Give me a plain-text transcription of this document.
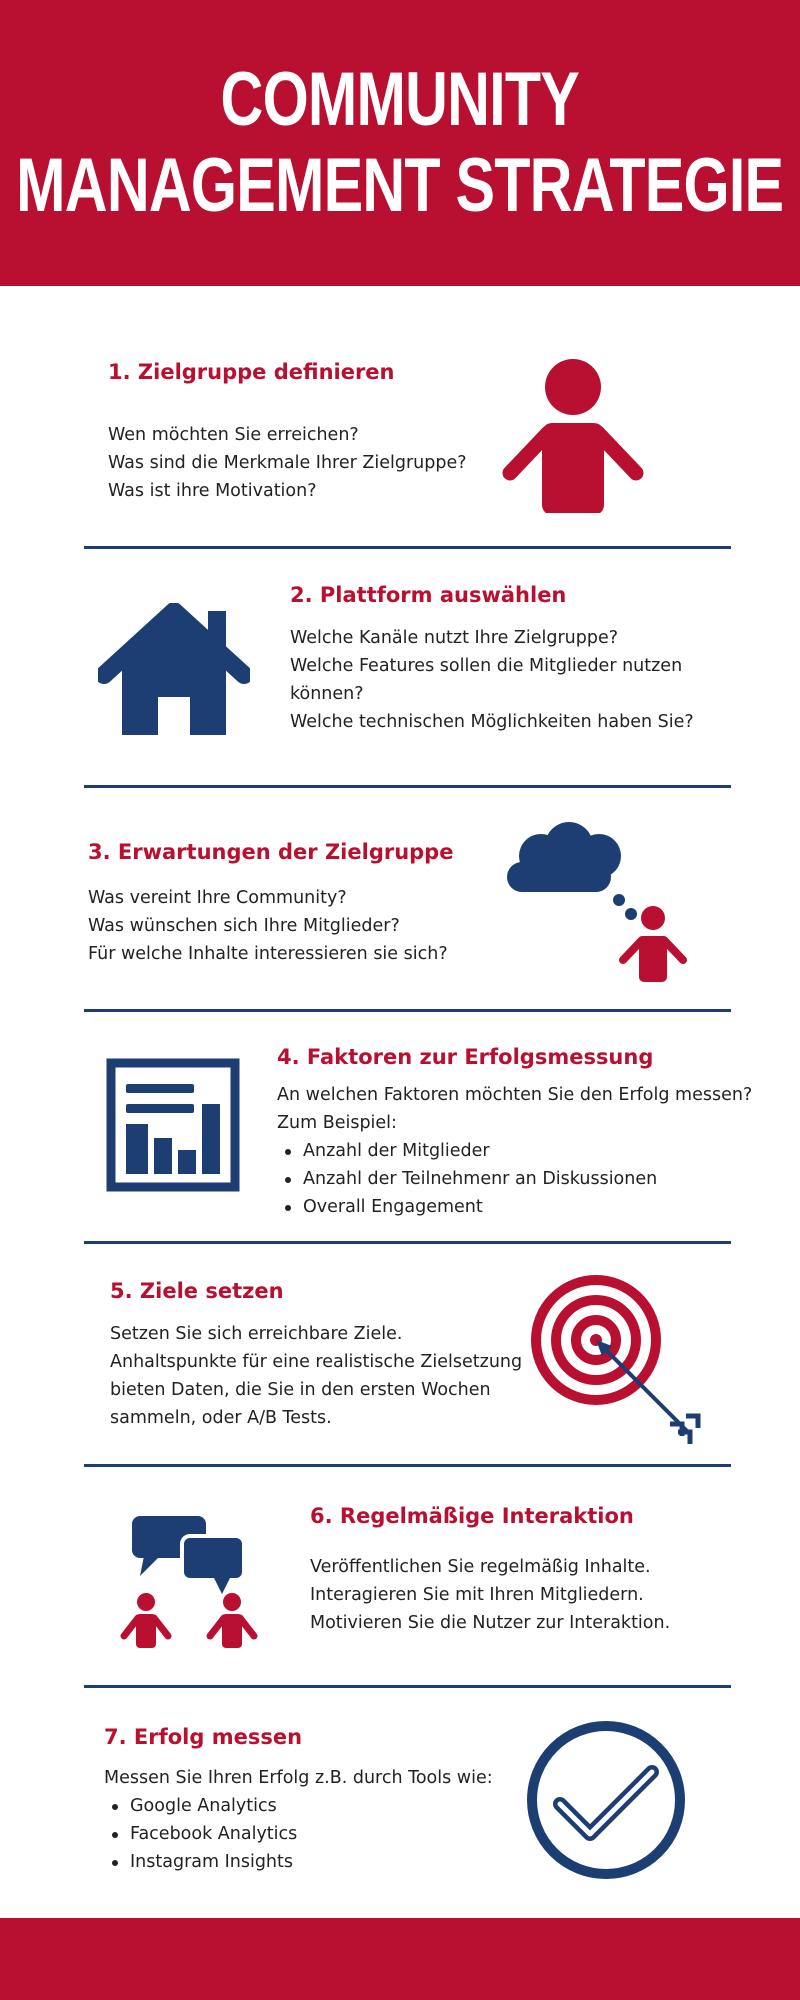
COMMUNITY
MANAGEMENT STRATEGIE
1. Zielgruppe definieren
Wen möchten Sie erreichen?
Was sind die Merkmale Ihrer Zielgruppe?
Was ist ihre Motivation?
2. Plattform auswählen
Welche Kanäle nutzt Ihre Zielgruppe?
Welche Features sollen die Mitglieder nutzen
können?
Welche technischen Möglichkeiten haben Sie?
3. Erwartungen der Zielgruppe
Was vereint Ihre Community?
Was wünschen sich Ihre Mitglieder?
Für welche Inhalte interessieren sie sich?
4. Faktoren zur Erfolgsmessung
An welchen Faktoren möchten Sie den Erfolg messen?
Zum Beispiel:
Anzahl der Mitglieder
Anzahl der Teilnehmenr an Diskussionen
Overall Engagement
5. Ziele setzen
Setzen Sie sich erreichbare Ziele.
Anhaltspunkte für eine realistische Zielsetzung
bieten Daten, die Sie in den ersten Wochen
sammeln, oder A/B Tests.
6. Regelmäßige Interaktion
Veröffentlichen Sie regelmäßig Inhalte.
Interagieren Sie mit Ihren Mitgliedern.
Motivieren Sie die Nutzer zur Interaktion.
7. Erfolg messen
Messen Sie Ihren Erfolg z.B. durch Tools wie:
Google Analytics
Facebook Analytics
Instagram Insights
